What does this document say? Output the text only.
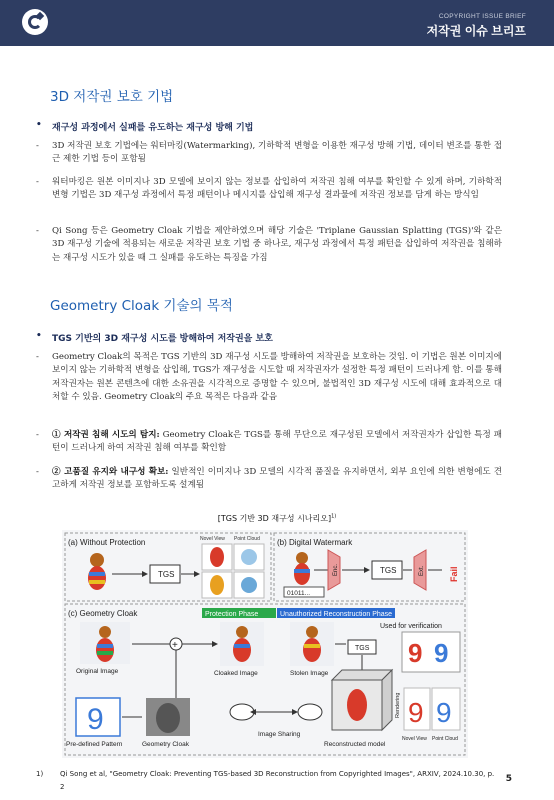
COPYRIGHT ISSUE BRIEF
저작권 이슈 브리프
3D 저작권 보호 기법
• 재구성 과정에서 실패를 유도하는 재구성 방해 기법
- 3D 저작권 보호 기법에는 워터마킹(Watermarking), 기하학적 변형을 이용한 재구성 방해 기법, 데이터 변조를 통한 접근 제한 기법 등이 포함됨
- 워터마킹은 원본 이미지나 3D 모델에 보이지 않는 정보를 삽입하여 저작권 침해 여부를 확인할 수 있게 하며, 기하학적 변형 기법은 3D 재구성 과정에서 특정 패턴이나 메시지를 삽입해 재구성 결과물에 저작권 정보를 담게 하는 방식임
- Qi Song 등은 Geometry Cloak 기법을 제안하였으며 해당 기술은 'Triplane Gaussian Splatting (TGS)'와 같은 3D 재구성 기술에 적용되는 새로운 저작권 보호 기법 중 하나로, 재구성 과정에서 특정 패턴을 삽입하여 저작권을 침해하는 재구성 시도가 있을 때 그 실패를 유도하는 특징을 가짐
Geometry Cloak 기술의 목적
• TGS 기반의 3D 재구성 시도를 방해하여 저작권을 보호
- Geometry Cloak의 목적은 TGS 기반의 3D 재구성 시도를 방해하여 저작권을 보호하는 것임. 이 기법은 원본 이미지에 보이지 않는 기하학적 변형을 삽입해, TGS가 재구성을 시도할 때 저작권자가 설정한 특정 패턴이 드러나게 함. 이를 통해 저작권자는 원본 콘텐츠에 대한 소유권을 시각적으로 증명할 수 있으며, 불법적인 3D 재구성 시도에 대해 효과적으로 대처할 수 있음. Geometry Cloak의 주요 목적은 다음과 같음
- ① 저작권 침해 시도의 탐지: Geometry Cloak은 TGS를 통해 무단으로 재구성된 모델에서 저작권자가 삽입한 특정 패턴이 드러나게 하여 저작권 침해 여부를 확인함
- ② 고품질 유지와 내구성 확보: 일반적인 이미지나 3D 모델의 시각적 품질을 유지하면서, 외부 요인에 의한 변형에도 견고하게 저작권 정보를 포함하도록 설계됨
[TGS 기반 3D 재구성 시나리오]$^{1)}$
(a) Without Protection	Novel View Point Cloud
TGS
(b) Digital Watermark
01011...
Enc.	TGS	Ext.	Fail
(c) Geometry Cloak	Protection Phase	Unauthorized Reconstruction Phase
Used for verification
Original Image
+
Cloaked Image	Stolen Image
TGS 9 9
9
Pre-defined Pattern	Geometry Cloak
Image Sharing
Reconstructed model
Rendering 9 9
Novel View Point Cloud
1) Qi Song et al, "Geometry Cloak: Preventing TGS-based 3D Reconstruction from Copyrighted Images", ARXIV, 2024.10.30, p. 2
5
